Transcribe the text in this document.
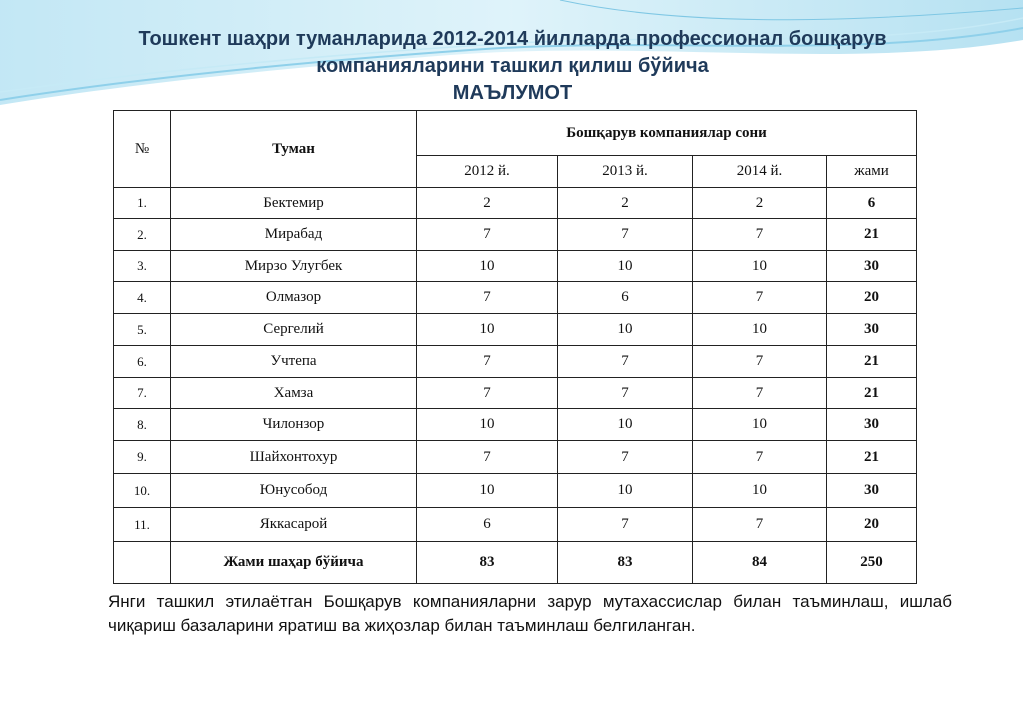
Тошкент шаҳри туманларида 2012-2014 йилларда профессионал бошқарув
компанияларини ташкил қилиш бўйича
МАЪЛУМОТ
№	Туман	Бошқарув компаниялар сони			
		2012 й.	2013 й.	2014 й.	жами
1.	Бектемир	2	2	2	6
2.	Мирабад	7	7	7	21
3.	Мирзо Улугбек	10	10	10	30
4.	Олмазор	7	6	7	20
5.	Сергелий	10	10	10	30
6.	Учтепа	7	7	7	21
7.	Хамза	7	7	7	21
8.	Чилонзор	10	10	10	30
9.	Шайхонтохур	7	7	7	21
10.	Юнусобод	10	10	10	30
11.	Яккасарой	6	7	7	20
	Жами шаҳар бўйича	83	83	84	250
Янги ташкил этилаётган Бошқарув компанияларни зарур мутахассислар билан таъминлаш, ишлаб чиқариш базаларини яратиш ва жиҳозлар билан таъминлаш белгиланган.
